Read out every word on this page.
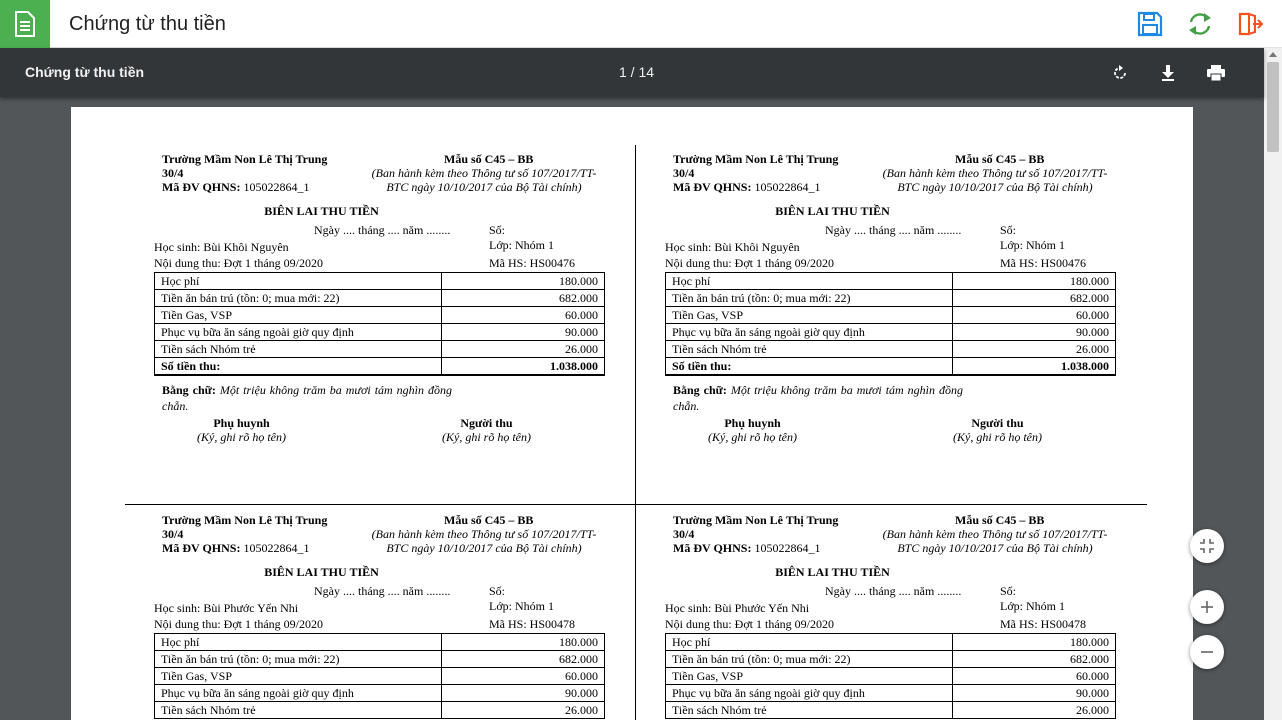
Chứng từ thu tiền
Chứng từ thu tiền	1 / 14
Trường Mầm Non Lê Thị Trung 30/4
Mã ĐV QHNS: 105022864_1
Mẫu số C45 – BB
(Ban hành kèm theo Thông tư số 107/2017/TT-BTC ngày 10/10/2017 của Bộ Tài chính)
BIÊN LAI THU TIỀN
Ngày .... tháng .... năm ........	Số:
Học sinh: Bùi Khôi Nguyên	Lớp: Nhóm 1
Nội dung thu: Đợt 1 tháng 09/2020	Mã HS: HS00476
Học phí	180.000
Tiền ăn bán trú (tồn: 0; mua mới: 22)	682.000
Tiền Gas, VSP	60.000
Phục vụ bữa ăn sáng ngoài giờ quy định	90.000
Tiền sách Nhóm trẻ	26.000
Số tiền thu:	1.038.000
Bằng chữ: Một triệu không trăm ba mươi tám nghìn đồng chẵn.
Phụ huynh
(Ký, ghi rõ họ tên)
Người thu
(Ký, ghi rõ họ tên)
Trường Mầm Non Lê Thị Trung 30/4
Mã ĐV QHNS: 105022864_1
Mẫu số C45 – BB
(Ban hành kèm theo Thông tư số 107/2017/TT-BTC ngày 10/10/2017 của Bộ Tài chính)
BIÊN LAI THU TIỀN
Ngày .... tháng .... năm ........	Số:
Học sinh: Bùi Khôi Nguyên	Lớp: Nhóm 1
Nội dung thu: Đợt 1 tháng 09/2020	Mã HS: HS00476
Học phí	180.000
Tiền ăn bán trú (tồn: 0; mua mới: 22)	682.000
Tiền Gas, VSP	60.000
Phục vụ bữa ăn sáng ngoài giờ quy định	90.000
Tiền sách Nhóm trẻ	26.000
Số tiền thu:	1.038.000
Bằng chữ: Một triệu không trăm ba mươi tám nghìn đồng chẵn.
Phụ huynh
(Ký, ghi rõ họ tên)
Người thu
(Ký, ghi rõ họ tên)
Trường Mầm Non Lê Thị Trung 30/4
Mã ĐV QHNS: 105022864_1
Mẫu số C45 – BB
(Ban hành kèm theo Thông tư số 107/2017/TT-BTC ngày 10/10/2017 của Bộ Tài chính)
BIÊN LAI THU TIỀN
Ngày .... tháng .... năm ........	Số:
Học sinh: Bùi Phước Yến Nhi	Lớp: Nhóm 1
Nội dung thu: Đợt 1 tháng 09/2020	Mã HS: HS00478
Học phí	180.000
Tiền ăn bán trú (tồn: 0; mua mới: 22)	682.000
Tiền Gas, VSP	60.000
Phục vụ bữa ăn sáng ngoài giờ quy định	90.000
Tiền sách Nhóm trẻ	26.000
Trường Mầm Non Lê Thị Trung 30/4
Mã ĐV QHNS: 105022864_1
Mẫu số C45 – BB
(Ban hành kèm theo Thông tư số 107/2017/TT-BTC ngày 10/10/2017 của Bộ Tài chính)
BIÊN LAI THU TIỀN
Ngày .... tháng .... năm ........	Số:
Học sinh: Bùi Phước Yến Nhi	Lớp: Nhóm 1
Nội dung thu: Đợt 1 tháng 09/2020	Mã HS: HS00478
Học phí	180.000
Tiền ăn bán trú (tồn: 0; mua mới: 22)	682.000
Tiền Gas, VSP	60.000
Phục vụ bữa ăn sáng ngoài giờ quy định	90.000
Tiền sách Nhóm trẻ	26.000
